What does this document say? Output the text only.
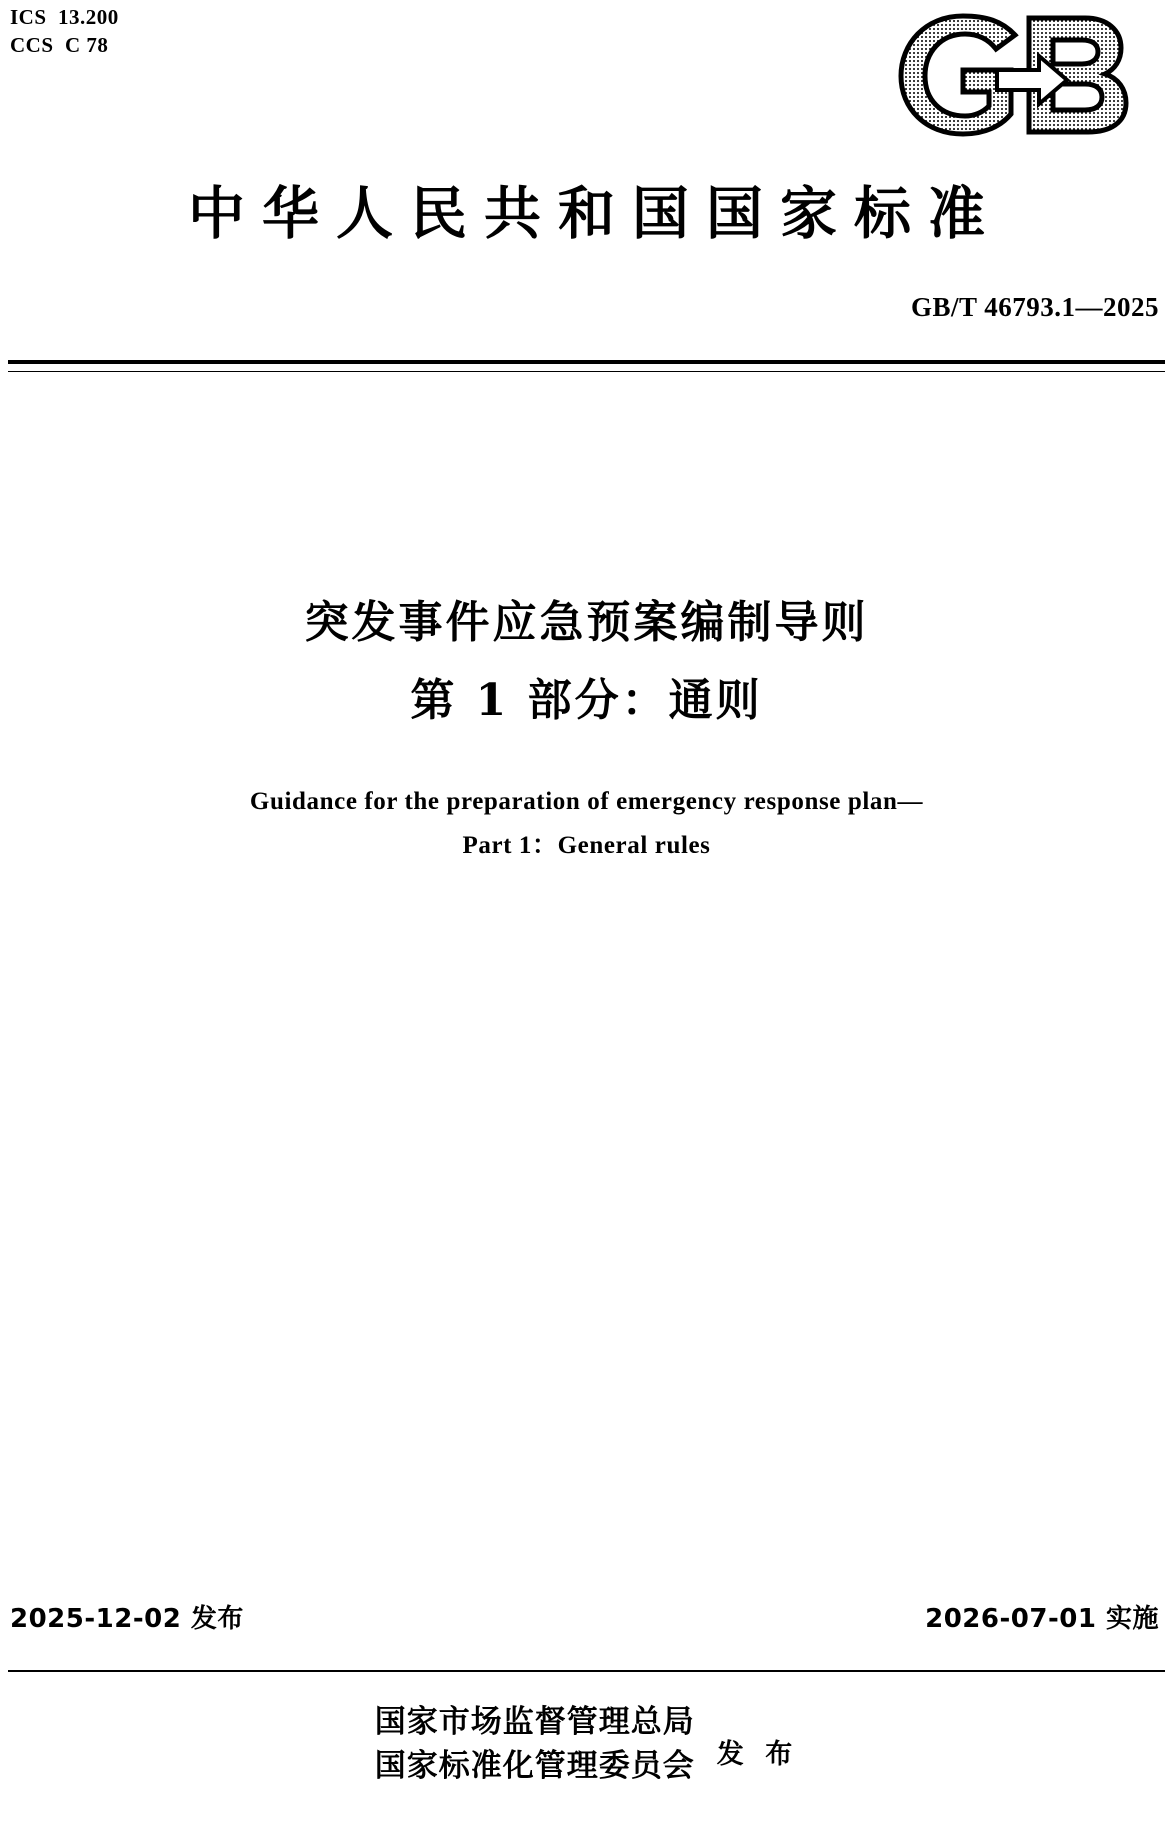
ICS  13.200
CCS  C 78
中华人民共和国国家标准
GB/T 46793.1—2025
突发事件应急预案编制导则
第 1 部分：通则
Guidance for the preparation of emergency response plan—
Part 1：General rules
2025-12-02 发布	2026-07-01 实施
国家市场监督管理总局
国家标准化管理委员会 发 布
